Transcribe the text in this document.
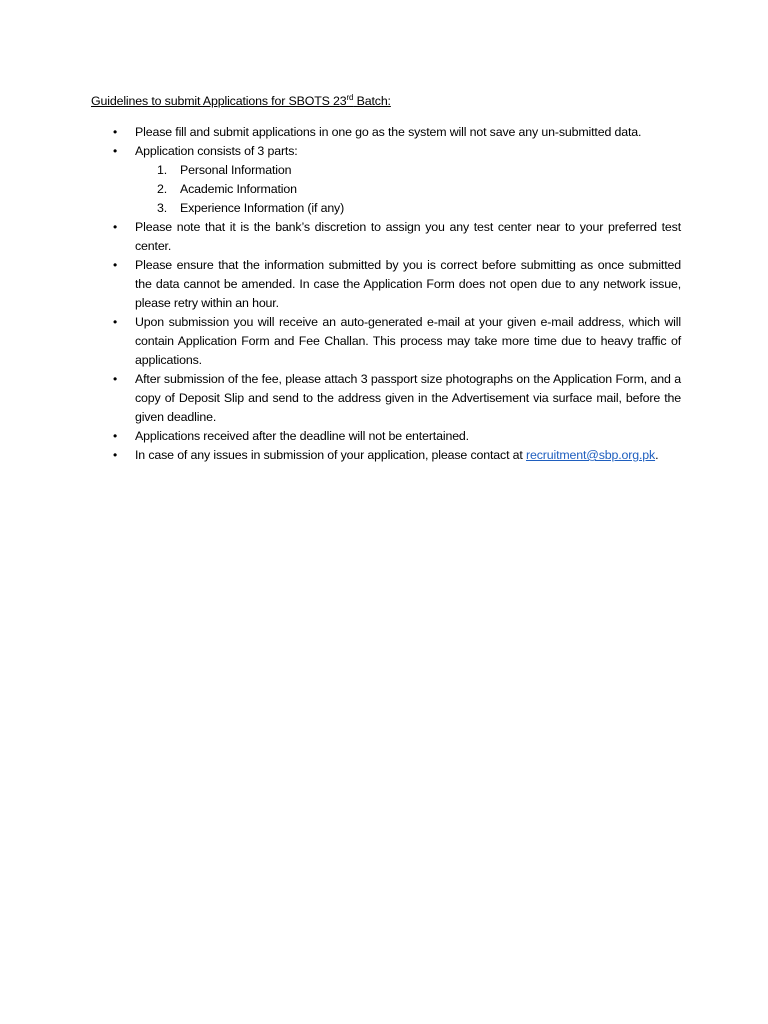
Guidelines to submit Applications for SBOTS 23rd Batch:
• Please fill and submit applications in one go as the system will not save any un-submitted data.
• Application consists of 3 parts:
1. Personal Information
2. Academic Information
3. Experience Information (if any)
• Please note that it is the bank’s discretion to assign you any test center near to your preferred test center.
• Please ensure that the information submitted by you is correct before submitting as once submitted the data cannot be amended. In case the Application Form does not open due to any network issue, please retry within an hour.
• Upon submission you will receive an auto-generated e-mail at your given e-mail address, which will contain Application Form and Fee Challan. This process may take more time due to heavy traffic of applications.
• After submission of the fee, please attach 3 passport size photographs on the Application Form, and a copy of Deposit Slip and send to the address given in the Advertisement via surface mail, before the given deadline.
• Applications received after the deadline will not be entertained.
• In case of any issues in submission of your application, please contact at recruitment@sbp.org.pk.
